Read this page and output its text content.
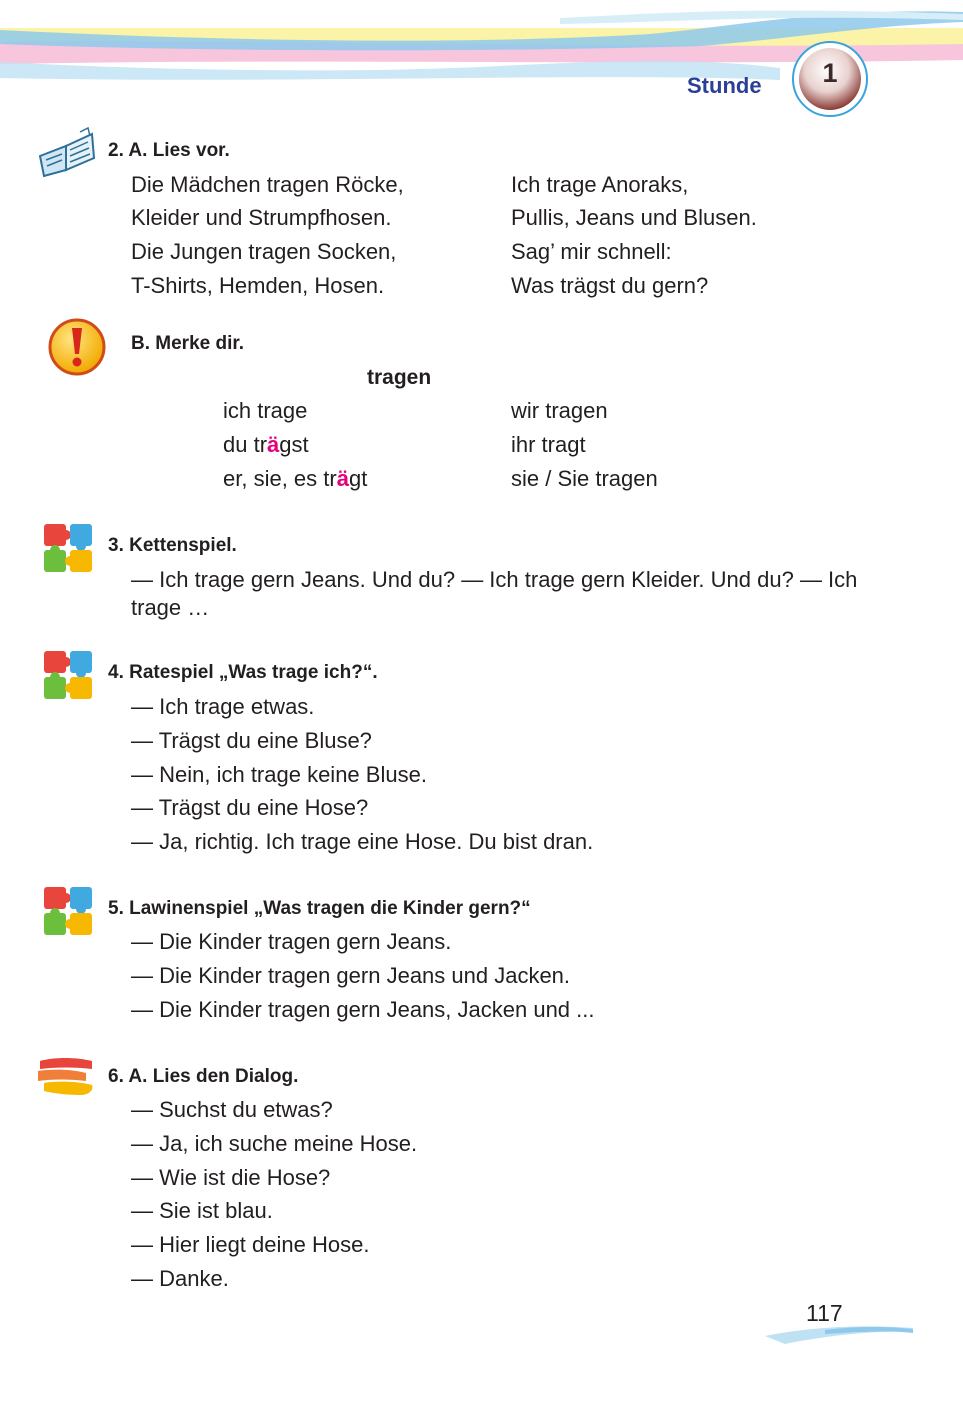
Stunde	1
2. A. Lies vor.
Die Mädchen tragen Röcke,
Kleider und Strumpfhosen.
Die Jungen tragen Socken,
T-Shirts, Hemden, Hosen.
Ich trage Anoraks,
Pullis, Jeans und Blusen.
Sag’ mir schnell:
Was trägst du gern?
B. Merke dir.
tragen
ich trage
du trägst
er, sie, es trägt
wir tragen
ihr tragt
sie / Sie tragen
3. Kettenspiel.
— Ich trage gern Jeans. Und du? — Ich trage gern Kleider. Und du? — Ich trage …
4. Ratespiel „Was trage ich?“.
— Ich trage etwas.
— Trägst du eine Bluse?
— Nein, ich trage keine Bluse.
— Trägst du eine Hose?
— Ja, richtig. Ich trage eine Hose. Du bist dran.
5. Lawinenspiel „Was tragen die Kinder gern?“
— Die Kinder tragen gern Jeans.
— Die Kinder tragen gern Jeans und Jacken.
— Die Kinder tragen gern Jeans, Jacken und ...
6. A. Lies den Dialog.
— Suchst du etwas?
— Ja, ich suche meine Hose.
— Wie ist die Hose?
— Sie ist blau.
— Hier liegt deine Hose.
— Danke.
117
